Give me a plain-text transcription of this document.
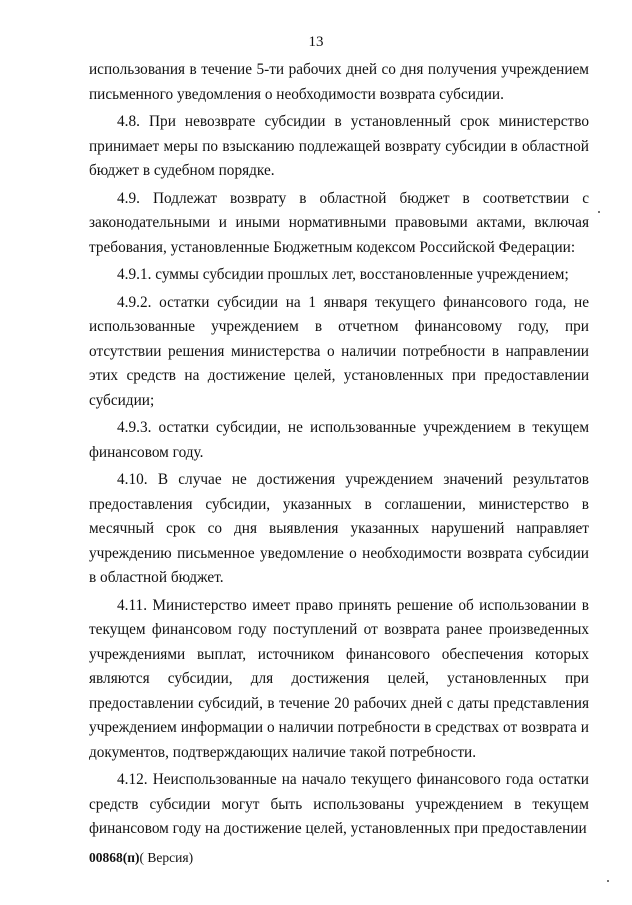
13

использования в течение 5-ти рабочих дней со дня получения учреждением письменного уведомления о необходимости возврата субсидии.

4.8. При невозврате субсидии в установленный срок министерство принимает меры по взысканию подлежащей возврату субсидии в областной бюджет в судебном порядке.

4.9. Подлежат возврату в областной бюджет в соответствии с законодательными и иными нормативными правовыми актами, включая требования, установленные Бюджетным кодексом Российской Федерации:

4.9.1. суммы субсидии прошлых лет, восстановленные учреждением;

4.9.2. остатки субсидии на 1 января текущего финансового года, не использованные учреждением в отчетном финансовому году, при отсутствии решения министерства о наличии потребности в направлении этих средств на достижение целей, установленных при предоставлении субсидии;

4.9.3. остатки субсидии, не использованные учреждением в текущем финансовом году.

4.10. В случае не достижения учреждением значений результатов предоставления субсидии, указанных в соглашении, министерство в месячный срок со дня выявления указанных нарушений направляет учреждению письменное уведомление о необходимости возврата субсидии в областной бюджет.

4.11. Министерство имеет право принять решение об использовании в текущем финансовом году поступлений от возврата ранее произведенных учреждениями выплат, источником финансового обеспечения которых являются субсидии, для достижения целей, установленных при предоставлении субсидий, в течение 20 рабочих дней с даты представления учреждением информации о наличии потребности в средствах от возврата и документов, подтверждающих наличие такой потребности.

4.12. Неиспользованные на начало текущего финансового года остатки средств субсидии могут быть использованы учреждением в текущем финансовом году на достижение целей, установленных при предоставлении

00868(п)( Версия)
